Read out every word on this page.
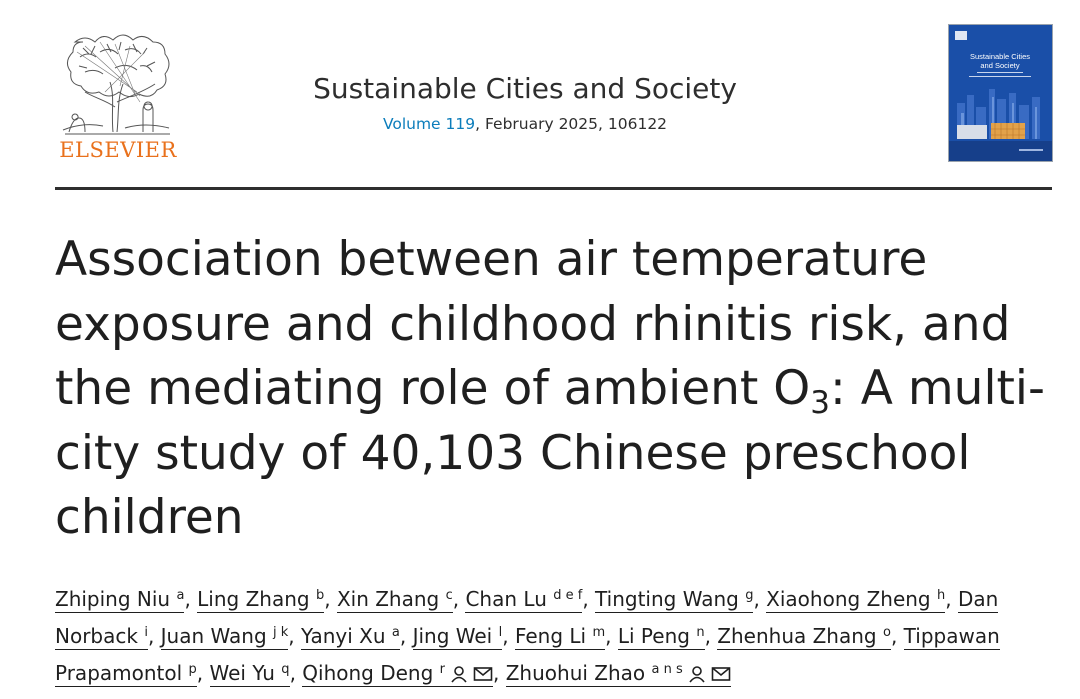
ELSEVIER
Sustainable Cities and Society
Volume 119, February 2025, 106122
Sustainable Cities
and Society
Association between air temperature exposure and childhood rhinitis risk, and the mediating role of ambient $O_3$: A multi-city study of 40,103 Chinese preschool children
Zhiping Niu $^a$, Ling Zhang $^b$, Xin Zhang $^c$, Chan Lu $^{d e f}$, Tingting Wang $^g$, Xiaohong Zheng $^h$, Dan Norback $^i$, Juan Wang $^{j k}$, Yanyi Xu $^a$, Jing Wei $^l$, Feng Li $^m$, Li Peng $^n$, Zhenhua Zhang $^o$, Tippawan Prapamontol $^p$, Wei Yu $^q$, Qihong Deng $^r$ , Zhuohui Zhao $^{a n s}$
